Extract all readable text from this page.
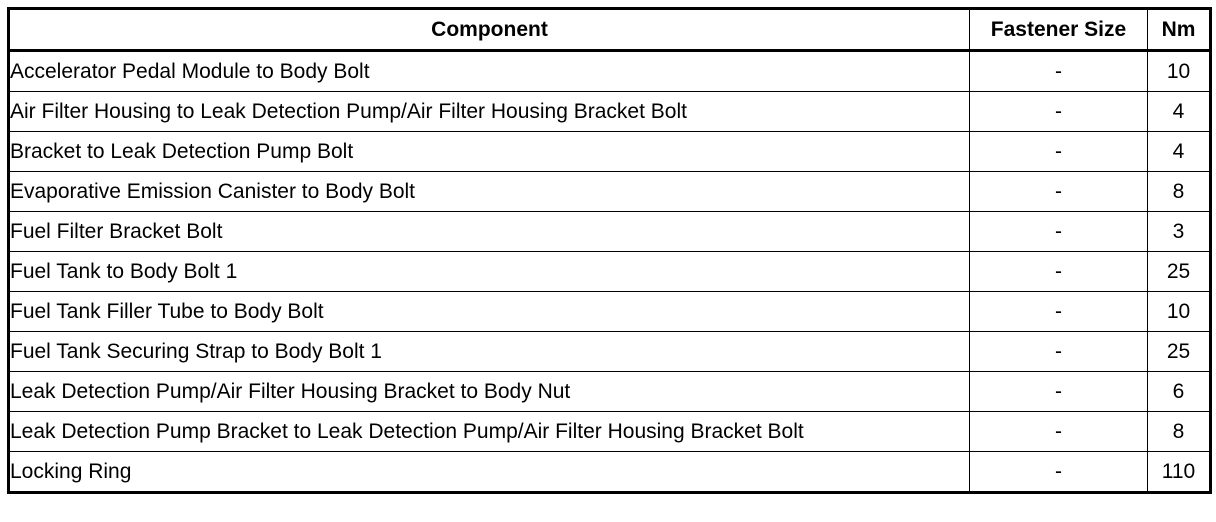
Component	Fastener Size	Nm
Accelerator Pedal Module to Body Bolt	-	10
Air Filter Housing to Leak Detection Pump/Air Filter Housing Bracket Bolt	-	4
Bracket to Leak Detection Pump Bolt	-	4
Evaporative Emission Canister to Body Bolt	-	8
Fuel Filter Bracket Bolt	-	3
Fuel Tank to Body Bolt 1	-	25
Fuel Tank Filler Tube to Body Bolt	-	10
Fuel Tank Securing Strap to Body Bolt 1	-	25
Leak Detection Pump/Air Filter Housing Bracket to Body Nut	-	6
Leak Detection Pump Bracket to Leak Detection Pump/Air Filter Housing Bracket Bolt	-	8
Locking Ring	-	110
